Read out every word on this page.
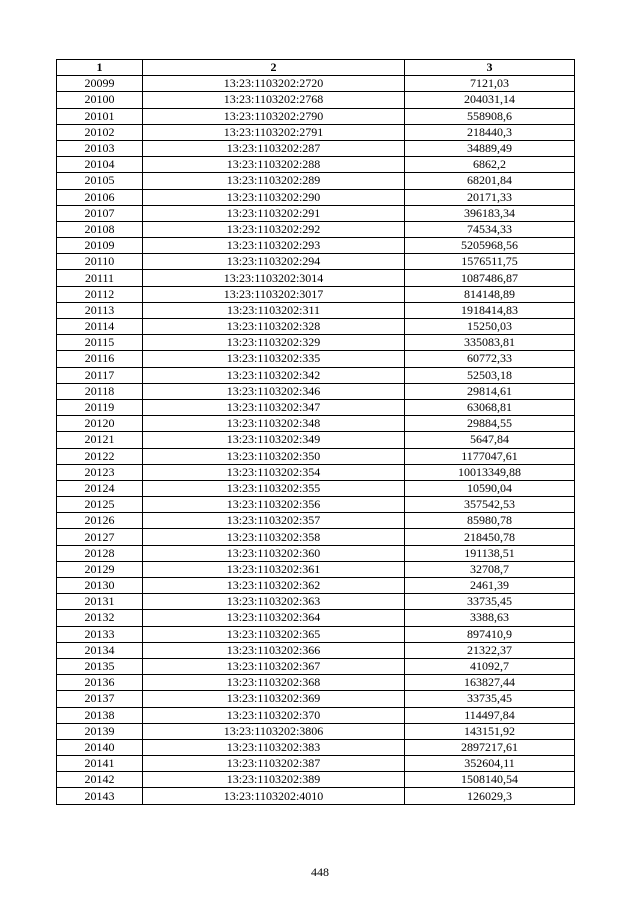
1	2	3
20099	13:23:1103202:2720	7121,03
20100	13:23:1103202:2768	204031,14
20101	13:23:1103202:2790	558908,6
20102	13:23:1103202:2791	218440,3
20103	13:23:1103202:287	34889,49
20104	13:23:1103202:288	6862,2
20105	13:23:1103202:289	68201,84
20106	13:23:1103202:290	20171,33
20107	13:23:1103202:291	396183,34
20108	13:23:1103202:292	74534,33
20109	13:23:1103202:293	5205968,56
20110	13:23:1103202:294	1576511,75
20111	13:23:1103202:3014	1087486,87
20112	13:23:1103202:3017	814148,89
20113	13:23:1103202:311	1918414,83
20114	13:23:1103202:328	15250,03
20115	13:23:1103202:329	335083,81
20116	13:23:1103202:335	60772,33
20117	13:23:1103202:342	52503,18
20118	13:23:1103202:346	29814,61
20119	13:23:1103202:347	63068,81
20120	13:23:1103202:348	29884,55
20121	13:23:1103202:349	5647,84
20122	13:23:1103202:350	1177047,61
20123	13:23:1103202:354	10013349,88
20124	13:23:1103202:355	10590,04
20125	13:23:1103202:356	357542,53
20126	13:23:1103202:357	85980,78
20127	13:23:1103202:358	218450,78
20128	13:23:1103202:360	191138,51
20129	13:23:1103202:361	32708,7
20130	13:23:1103202:362	2461,39
20131	13:23:1103202:363	33735,45
20132	13:23:1103202:364	3388,63
20133	13:23:1103202:365	897410,9
20134	13:23:1103202:366	21322,37
20135	13:23:1103202:367	41092,7
20136	13:23:1103202:368	163827,44
20137	13:23:1103202:369	33735,45
20138	13:23:1103202:370	114497,84
20139	13:23:1103202:3806	143151,92
20140	13:23:1103202:383	2897217,61
20141	13:23:1103202:387	352604,11
20142	13:23:1103202:389	1508140,54
20143	13:23:1103202:4010	126029,3
448
